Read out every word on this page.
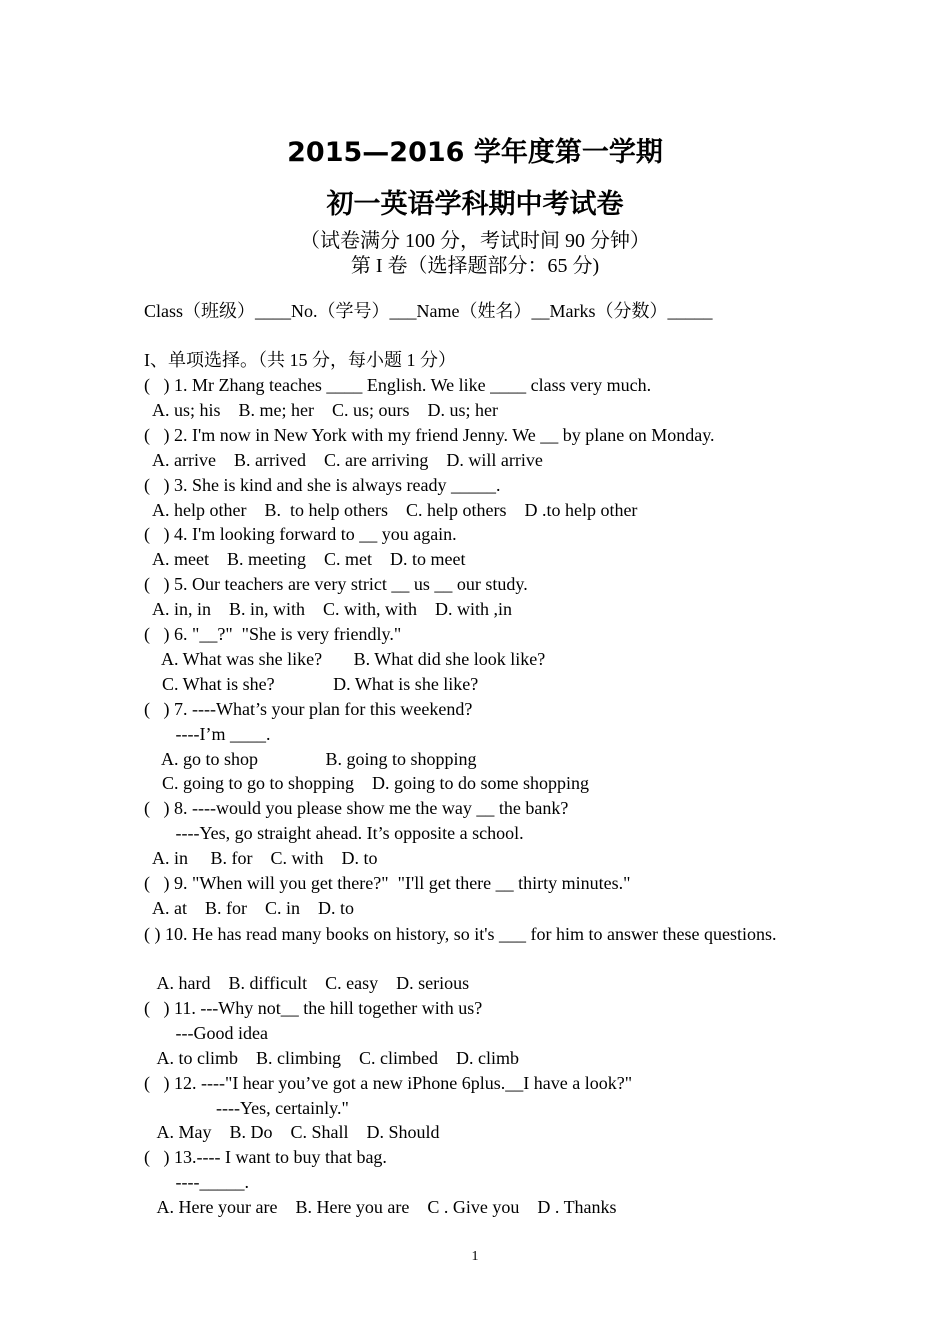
2015—2016 学年度第一学期
初一英语学科期中考试卷
（试卷满分 100 分，考试时间 90 分钟）
第 I 卷（选择题部分：65 分)
Class（班级）____No.（学号）___Name（姓名）__Marks（分数）_____
I、单项选择。（共 15 分，每小题 1 分）
(   ) 1. Mr Zhang teaches ____ English. We like ____ class very much.
A. us; his    B. me; her    C. us; ours    D. us; her
(   ) 2. I'm now in New York with my friend Jenny. We __ by plane on Monday.
A. arrive    B. arrived    C. are arriving    D. will arrive
(   ) 3. She is kind and she is always ready _____.
A. help other    B.  to help others    C. help others    D .to help other
(   ) 4. I'm looking forward to __ you again.
A. meet    B. meeting    C. met    D. to meet
(   ) 5. Our teachers are very strict __ us __ our study.
A. in, in    B. in, with    C. with, with    D. with ,in
(   ) 6. "__?"  "She is very friendly."
A. What was she like?       B. What did she look like?
C. What is she?             D. What is she like?
(   ) 7. ----What’s your plan for this weekend?
----I’m ____.
A. go to shop               B. going to shopping
C. going to go to shopping    D. going to do some shopping
(   ) 8. ----would you please show me the way __ the bank?
----Yes, go straight ahead. It’s opposite a school.
A. in     B. for    C. with    D. to
(   ) 9. "When will you get there?"  "I'll get there __ thirty minutes."
A. at    B. for    C. in    D. to
( ) 10. He has read many books on history, so it's ___ for him to answer these questions.
A. hard    B. difficult    C. easy    D. serious
(   ) 11. ---Why not__ the hill together with us?
---Good idea
A. to climb    B. climbing    C. climbed    D. climb
(   ) 12. ----"I hear you’ve got a new iPhone 6plus.__I have a look?"
----Yes, certainly."
A. May    B. Do    C. Shall    D. Should
(   ) 13.---- I want to buy that bag.
----_____.
A. Here your are    B. Here you are    C . Give you    D . Thanks
1
